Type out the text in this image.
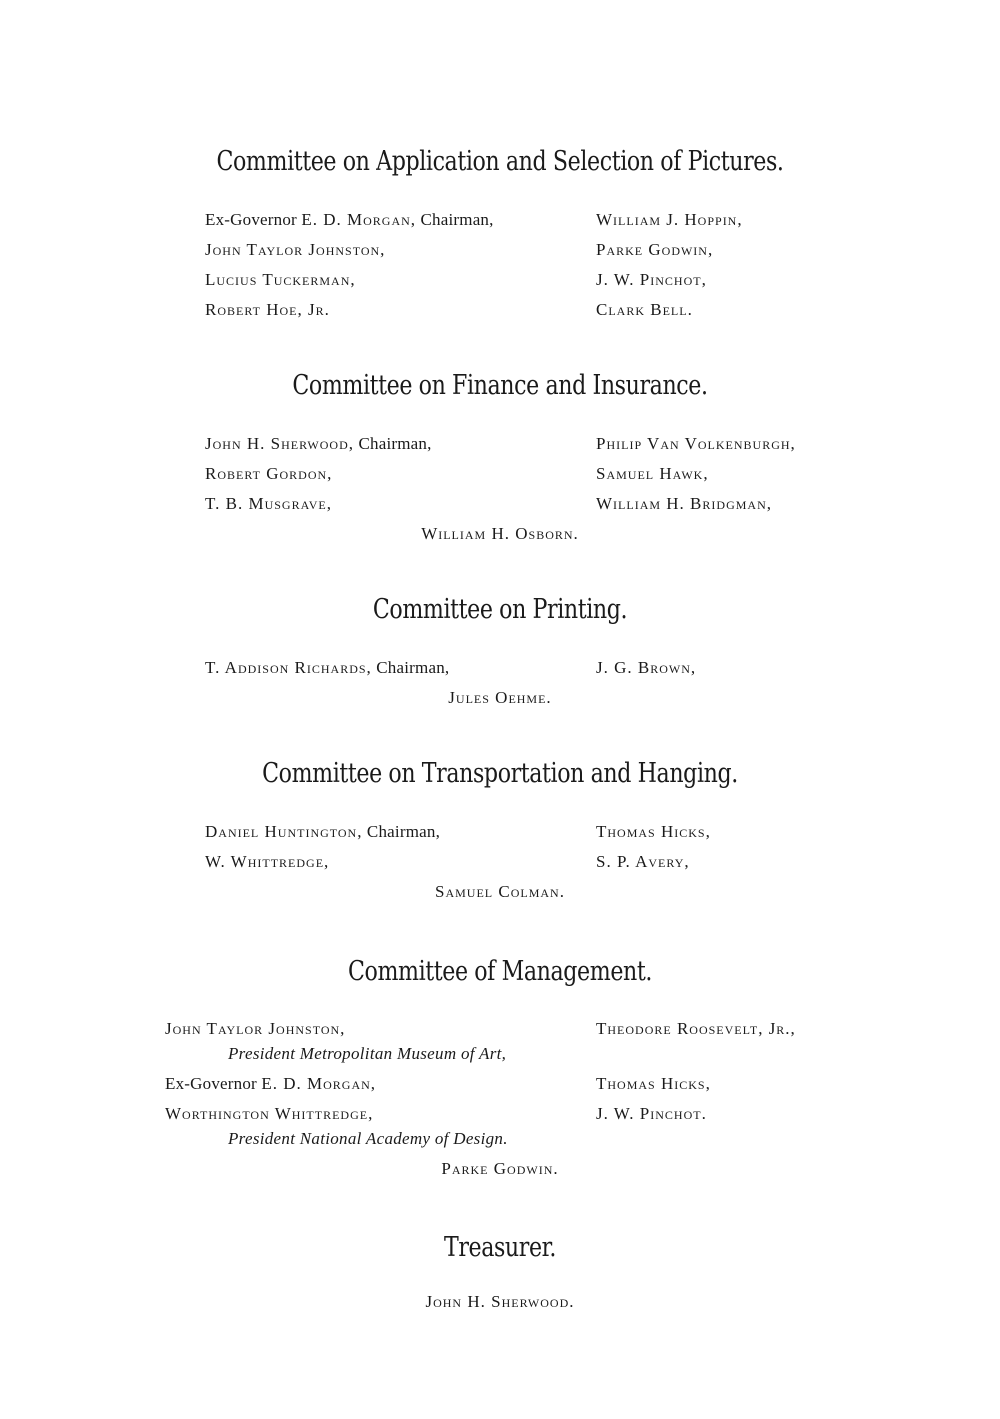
Committee on Application and Selection of Pictures.
Ex-Governor E. D. Morgan, Chairman,
John Taylor Johnston,
Lucius Tuckerman,
Robert Hoe, Jr.
William J. Hoppin,
Parke Godwin,
J. W. Pinchot,
Clark Bell.
Committee on Finance and Insurance.
John H. Sherwood, Chairman,
Robert Gordon,
T. B. Musgrave,
Philip Van Volkenburgh,
Samuel Hawk,
William H. Bridgman,
William H. Osborn.
Committee on Printing.
T. Addison Richards, Chairman,	J. G. Brown,
Jules Oehme.
Committee on Transportation and Hanging.
Daniel Huntington, Chairman,
W. Whittredge,
Thomas Hicks,
S. P. Avery,
Samuel Colman.
Committee of Management.
John Taylor Johnston,
President Metropolitan Museum of Art,
Ex-Governor E. D. Morgan,
Worthington Whittredge,
President National Academy of Design.
Theodore Roosevelt, Jr.,
Thomas Hicks,
J. W. Pinchot.
Parke Godwin.
Treasurer.
John H. Sherwood.
